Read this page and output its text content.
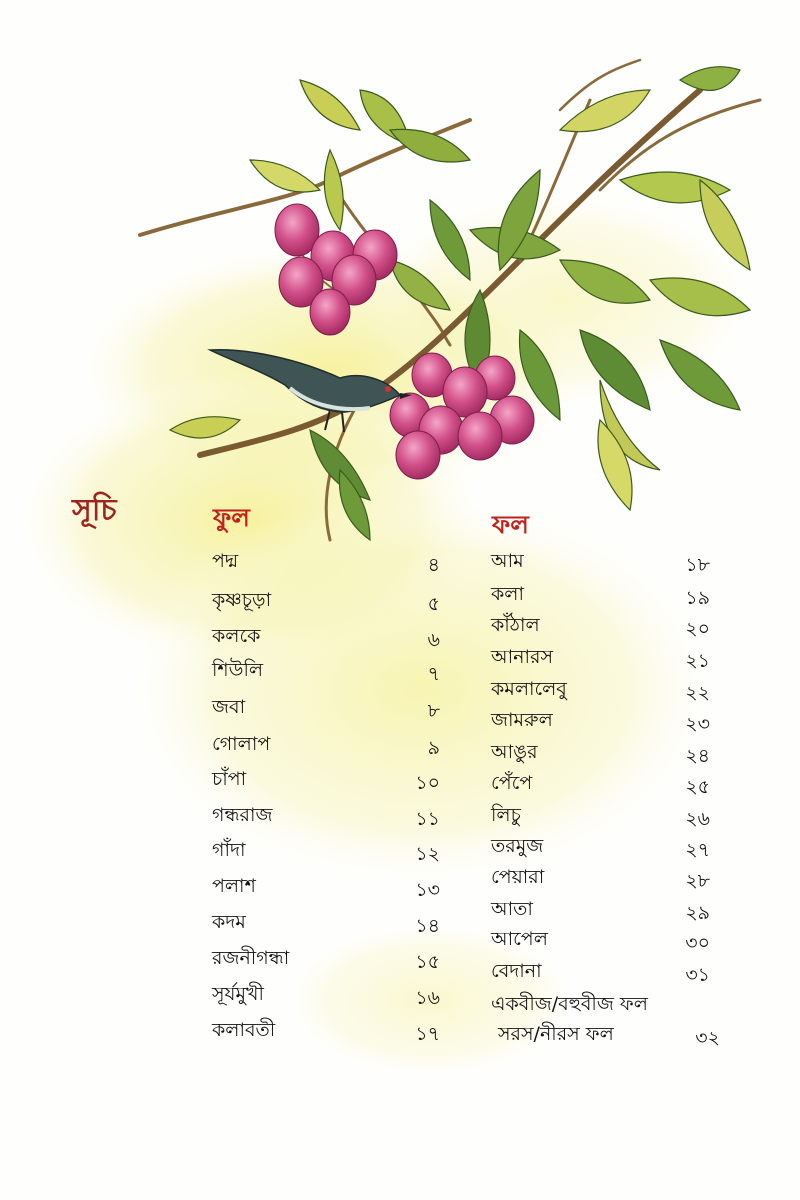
সূচি	ফুল	ফল
পদ্ম	৪
কৃষ্ণচূড়া	৫
কলকে	৬
শিউলি	৭
জবা	৮
গোলাপ	৯
চাঁপা	১০
গন্ধরাজ	১১
গাঁদা	১২
পলাশ	১৩
কদম	১৪
রজনীগন্ধা	১৫
সূর্যমুখী	১৬
কলাবতী	১৭
আম	১৮
কলা	১৯
কাঁঠাল	২০
আনারস	২১
কমলালেবু	২২
জামরুল	২৩
আঙুর	২৪
পেঁপে	২৫
লিচু	২৬
তরমুজ	২৭
পেয়ারা	২৮
আতা	২৯
আপেল	৩০
বেদানা	৩১
একবীজ/বহুবীজ ফল
সরস/নীরস ফল	৩২
